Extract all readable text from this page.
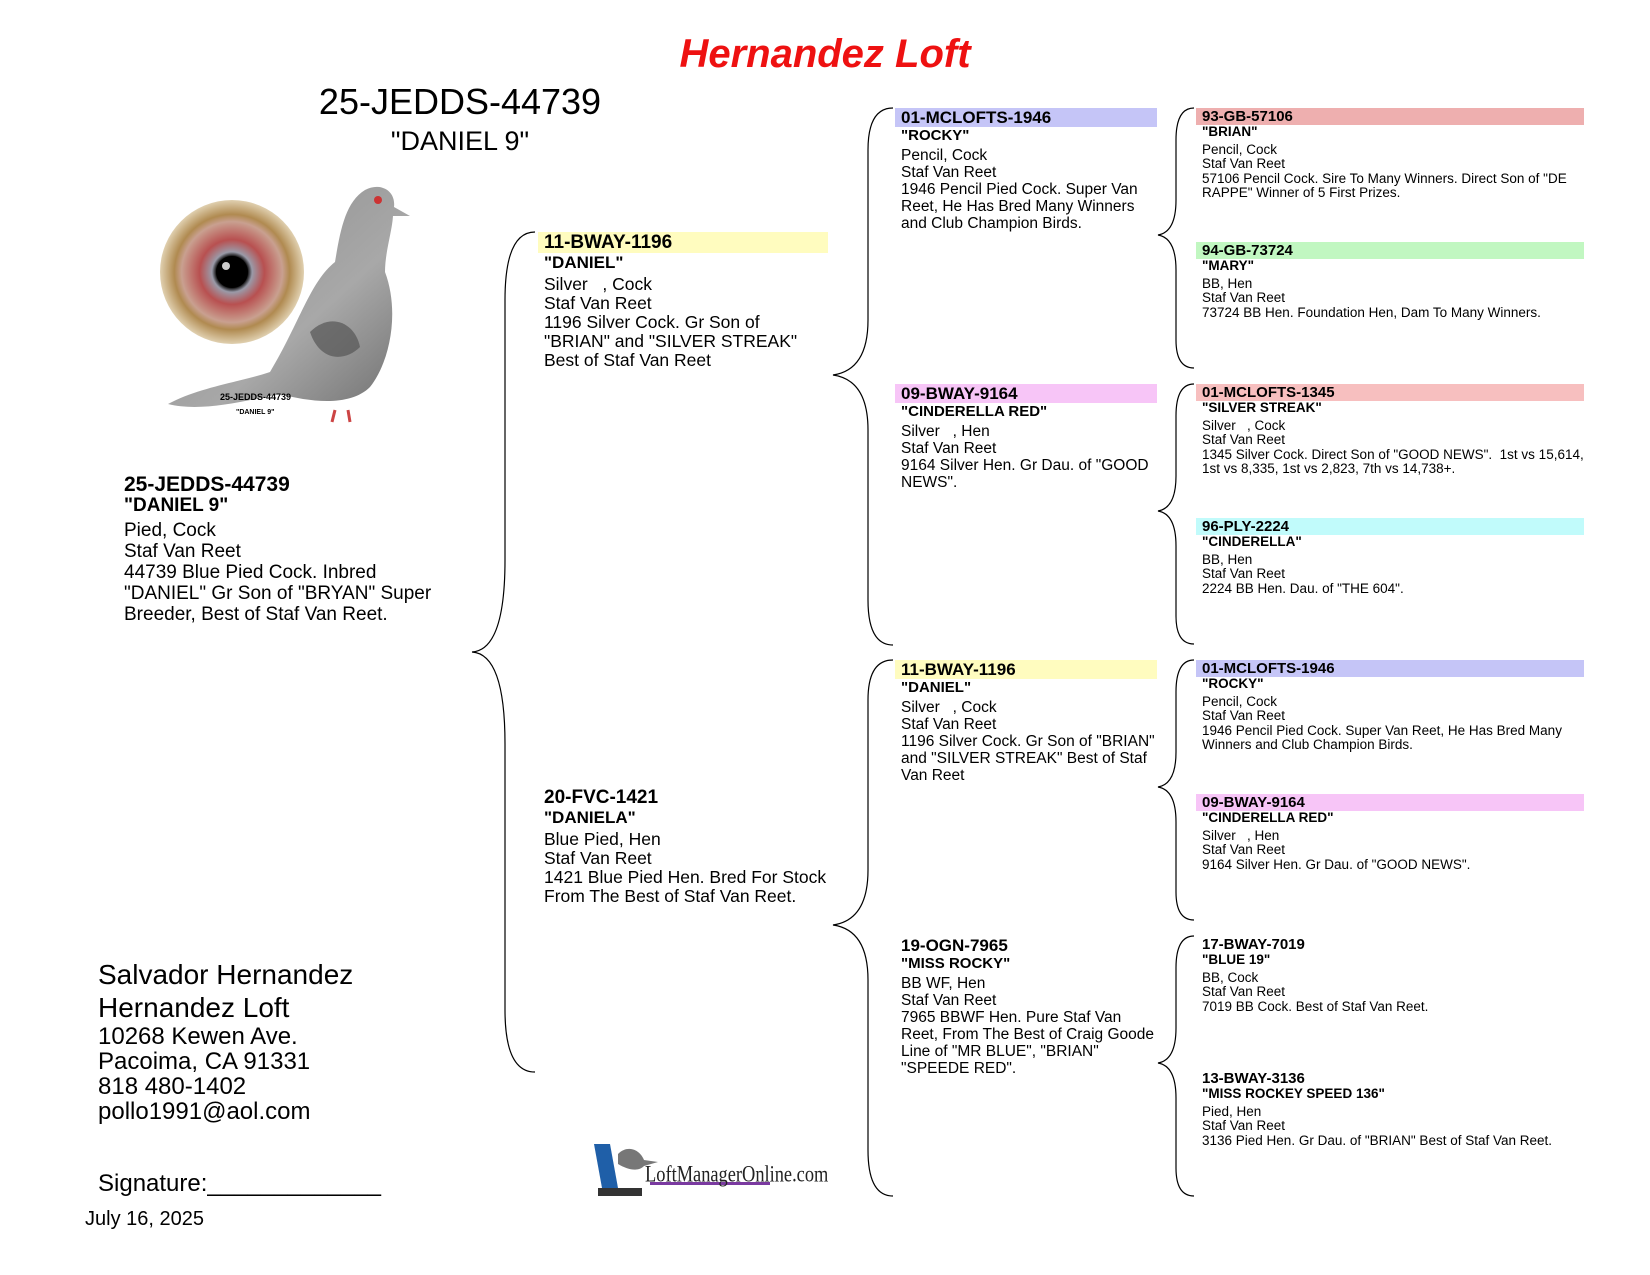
Hernandez Loft
25-JEDDS-44739
"DANIEL 9"
25-JEDDS-44739
"DANIEL 9"
25-JEDDS-44739
"DANIEL 9"
Pied, Cock
Staf Van Reet
44739 Blue Pied Cock. Inbred "DANIEL" Gr Son of "BRYAN" Super Breeder, Best of Staf Van Reet.
11-BWAY-1196
"DANIEL"
Silver   , Cock
Staf Van Reet
1196 Silver Cock. Gr Son of "BRIAN" and "SILVER STREAK" Best of Staf Van Reet
20-FVC-1421
"DANIELA"
Blue Pied, Hen
Staf Van Reet
1421 Blue Pied Hen. Bred For Stock From The Best of Staf Van Reet.
01-MCLOFTS-1946
"ROCKY"
Pencil, Cock
Staf Van Reet
1946 Pencil Pied Cock. Super Van Reet, He Has Bred Many Winners and Club Champion Birds.
09-BWAY-9164
"CINDERELLA RED"
Silver   , Hen
Staf Van Reet
9164 Silver Hen. Gr Dau. of "GOOD NEWS".
11-BWAY-1196
"DANIEL"
Silver   , Cock
Staf Van Reet
1196 Silver Cock. Gr Son of "BRIAN" and "SILVER STREAK" Best of Staf Van Reet
19-OGN-7965
"MISS ROCKY"
BB WF, Hen
Staf Van Reet
7965 BBWF Hen. Pure Staf Van Reet, From The Best of Craig Goode Line of "MR BLUE", "BRIAN" "SPEEDE RED".
93-GB-57106
"BRIAN"
Pencil, Cock
Staf Van Reet
57106 Pencil Cock. Sire To Many Winners. Direct Son of "DE RAPPE" Winner of 5 First Prizes.
94-GB-73724
"MARY"
BB, Hen
Staf Van Reet
73724 BB Hen. Foundation Hen, Dam To Many Winners.
01-MCLOFTS-1345
"SILVER STREAK"
Silver   , Cock
Staf Van Reet
1345 Silver Cock. Direct Son of "GOOD NEWS".  1st vs 15,614, 1st vs 8,335, 1st vs 2,823, 7th vs 14,738+.
96-PLY-2224
"CINDERELLA"
BB, Hen
Staf Van Reet
2224 BB Hen. Dau. of "THE 604".
01-MCLOFTS-1946
"ROCKY"
Pencil, Cock
Staf Van Reet
1946 Pencil Pied Cock. Super Van Reet, He Has Bred Many Winners and Club Champion Birds.
09-BWAY-9164
"CINDERELLA RED"
Silver   , Hen
Staf Van Reet
9164 Silver Hen. Gr Dau. of "GOOD NEWS".
17-BWAY-7019
"BLUE 19"
BB, Cock
Staf Van Reet
7019 BB Cock. Best of Staf Van Reet.
13-BWAY-3136
"MISS ROCKEY SPEED 136"
Pied, Hen
Staf Van Reet
3136 Pied Hen. Gr Dau. of "BRIAN" Best of Staf Van Reet.
Salvador Hernandez
Hernandez Loft
10268 Kewen Ave.
Pacoima, CA 91331
818 480-1402
pollo1991@aol.com
Signature:_____________
July 16, 2025
LoftManagerOnline.com
